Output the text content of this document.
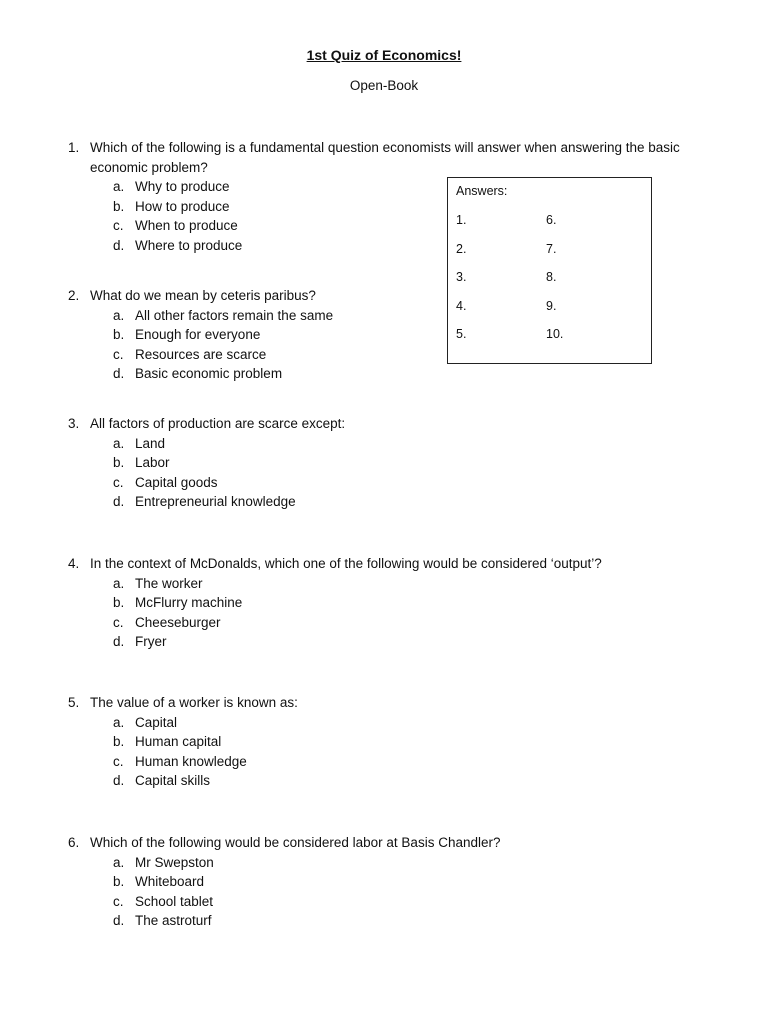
1st Quiz of Economics!
Open-Book
1. Which of the following is a fundamental question economists will answer when answering the basic economic problem?
a. Why to produce
b. How to produce
c. When to produce
d. Where to produce
2. What do we mean by ceteris paribus?
a. All other factors remain the same
b. Enough for everyone
c. Resources are scarce
d. Basic economic problem
3. All factors of production are scarce except:
a. Land
b. Labor
c. Capital goods
d. Entrepreneurial knowledge
4. In the context of McDonalds, which one of the following would be considered ‘output’?
a. The worker
b. McFlurry machine
c. Cheeseburger
d. Fryer
5. The value of a worker is known as:
a. Capital
b. Human capital
c. Human knowledge
d. Capital skills
6. Which of the following would be considered labor at Basis Chandler?
a. Mr Swepston
b. Whiteboard
c. School tablet
d. The astroturf
Answers:
1.
2.
3.
4.
5.
6.
7.
8.
9.
10.
